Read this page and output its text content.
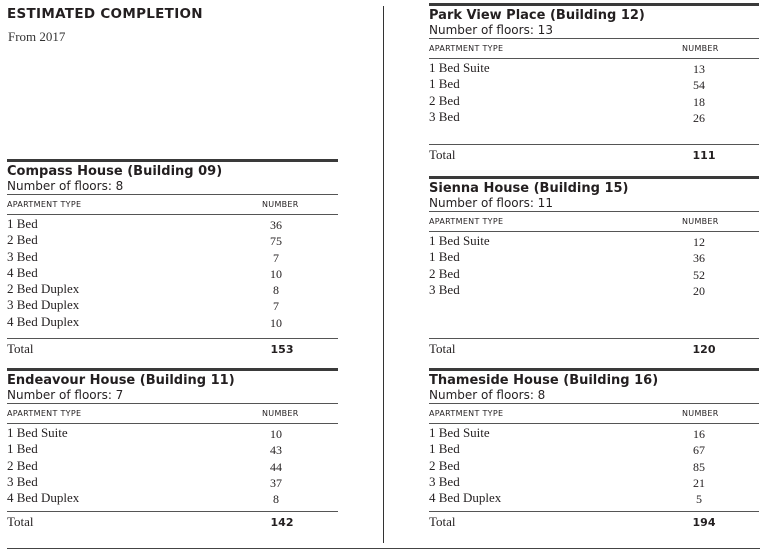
ESTIMATED COMPLETION
From 2017
Compass House (Building 09)
Number of floors: 8
APARTMENT TYPE	NUMBER
1 Bed	36
2 Bed	75
3 Bed	7
4 Bed	10
2 Bed Duplex	8
3 Bed Duplex	7
4 Bed Duplex	10
Total	153
Endeavour House (Building 11)
Number of floors: 7
APARTMENT TYPE	NUMBER
1 Bed Suite	10
1 Bed	43
2 Bed	44
3 Bed	37
4 Bed Duplex	8
Total	142
Park View Place (Building 12)
Number of floors: 13
APARTMENT TYPE	NUMBER
1 Bed Suite	13
1 Bed	54
2 Bed	18
3 Bed	26
Total	111
Sienna House (Building 15)
Number of floors: 11
APARTMENT TYPE	NUMBER
1 Bed Suite	12
1 Bed	36
2 Bed	52
3 Bed	20
Total	120
Thameside House (Building 16)
Number of floors: 8
APARTMENT TYPE	NUMBER
1 Bed Suite	16
1 Bed	67
2 Bed	85
3 Bed	21
4 Bed Duplex	5
Total	194
